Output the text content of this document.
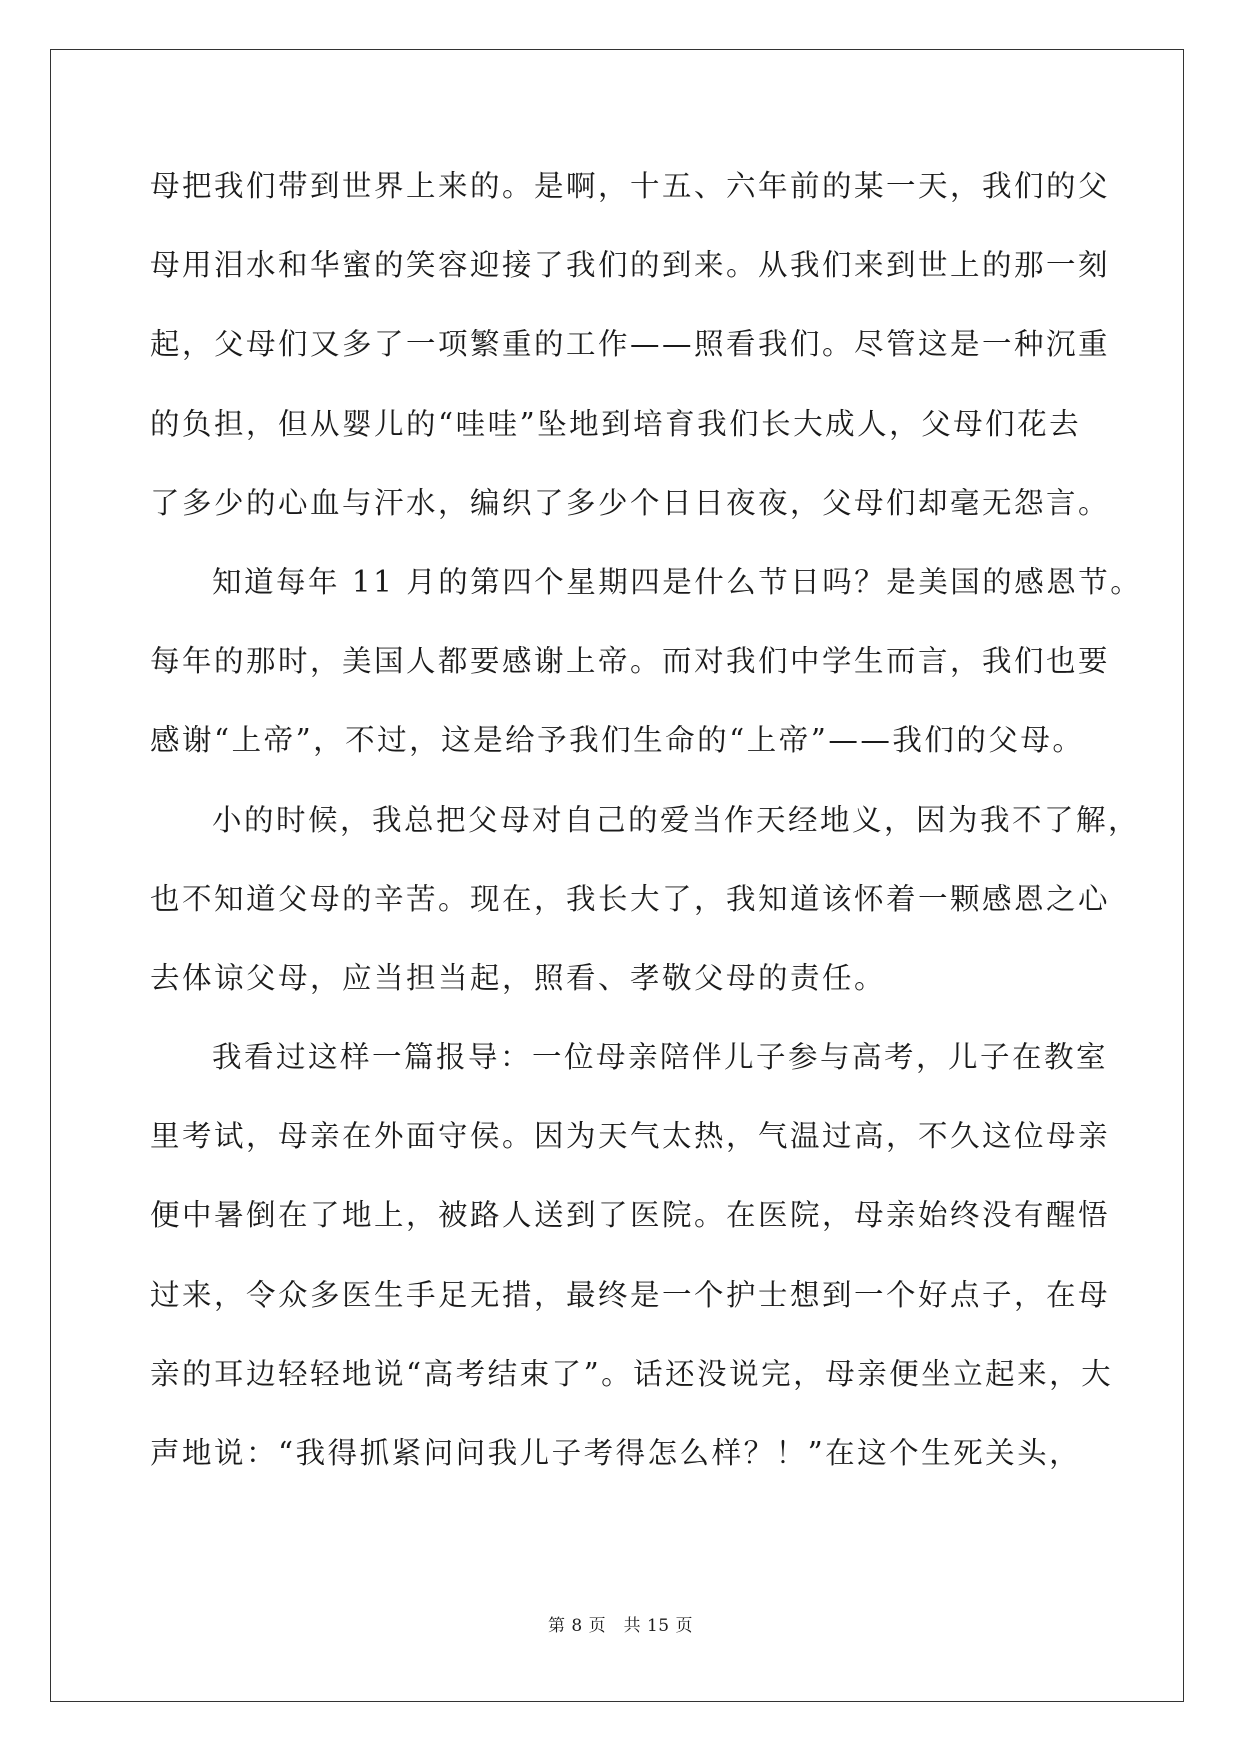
母把我们带到世界上来的。是啊，十五、六年前的某一天，我们的父
母用泪水和华蜜的笑容迎接了我们的到来。从我们来到世上的那一刻
起，父母们又多了一项繁重的工作——照看我们。尽管这是一种沉重
的负担，但从婴儿的“哇哇”坠地到培育我们长大成人，父母们花去
了多少的心血与汗水，编织了多少个日日夜夜，父母们却毫无怨言。
知道每年 11 月的第四个星期四是什么节日吗？是美国的感恩节。
每年的那时，美国人都要感谢上帝。而对我们中学生而言，我们也要
感谢“上帝”，不过，这是给予我们生命的“上帝”——我们的父母。
小的时候，我总把父母对自己的爱当作天经地义，因为我不了解，
也不知道父母的辛苦。现在，我长大了，我知道该怀着一颗感恩之心
去体谅父母，应当担当起，照看、孝敬父母的责任。
我看过这样一篇报导：一位母亲陪伴儿子参与高考，儿子在教室
里考试，母亲在外面守侯。因为天气太热，气温过高，不久这位母亲
便中暑倒在了地上，被路人送到了医院。在医院，母亲始终没有醒悟
过来，令众多医生手足无措，最终是一个护士想到一个好点子，在母
亲的耳边轻轻地说“高考结束了”。话还没说完，母亲便坐立起来，大
声地说：“我得抓紧问问我儿子考得怎么样？！”在这个生死关头，
第 8 页　共 15 页
